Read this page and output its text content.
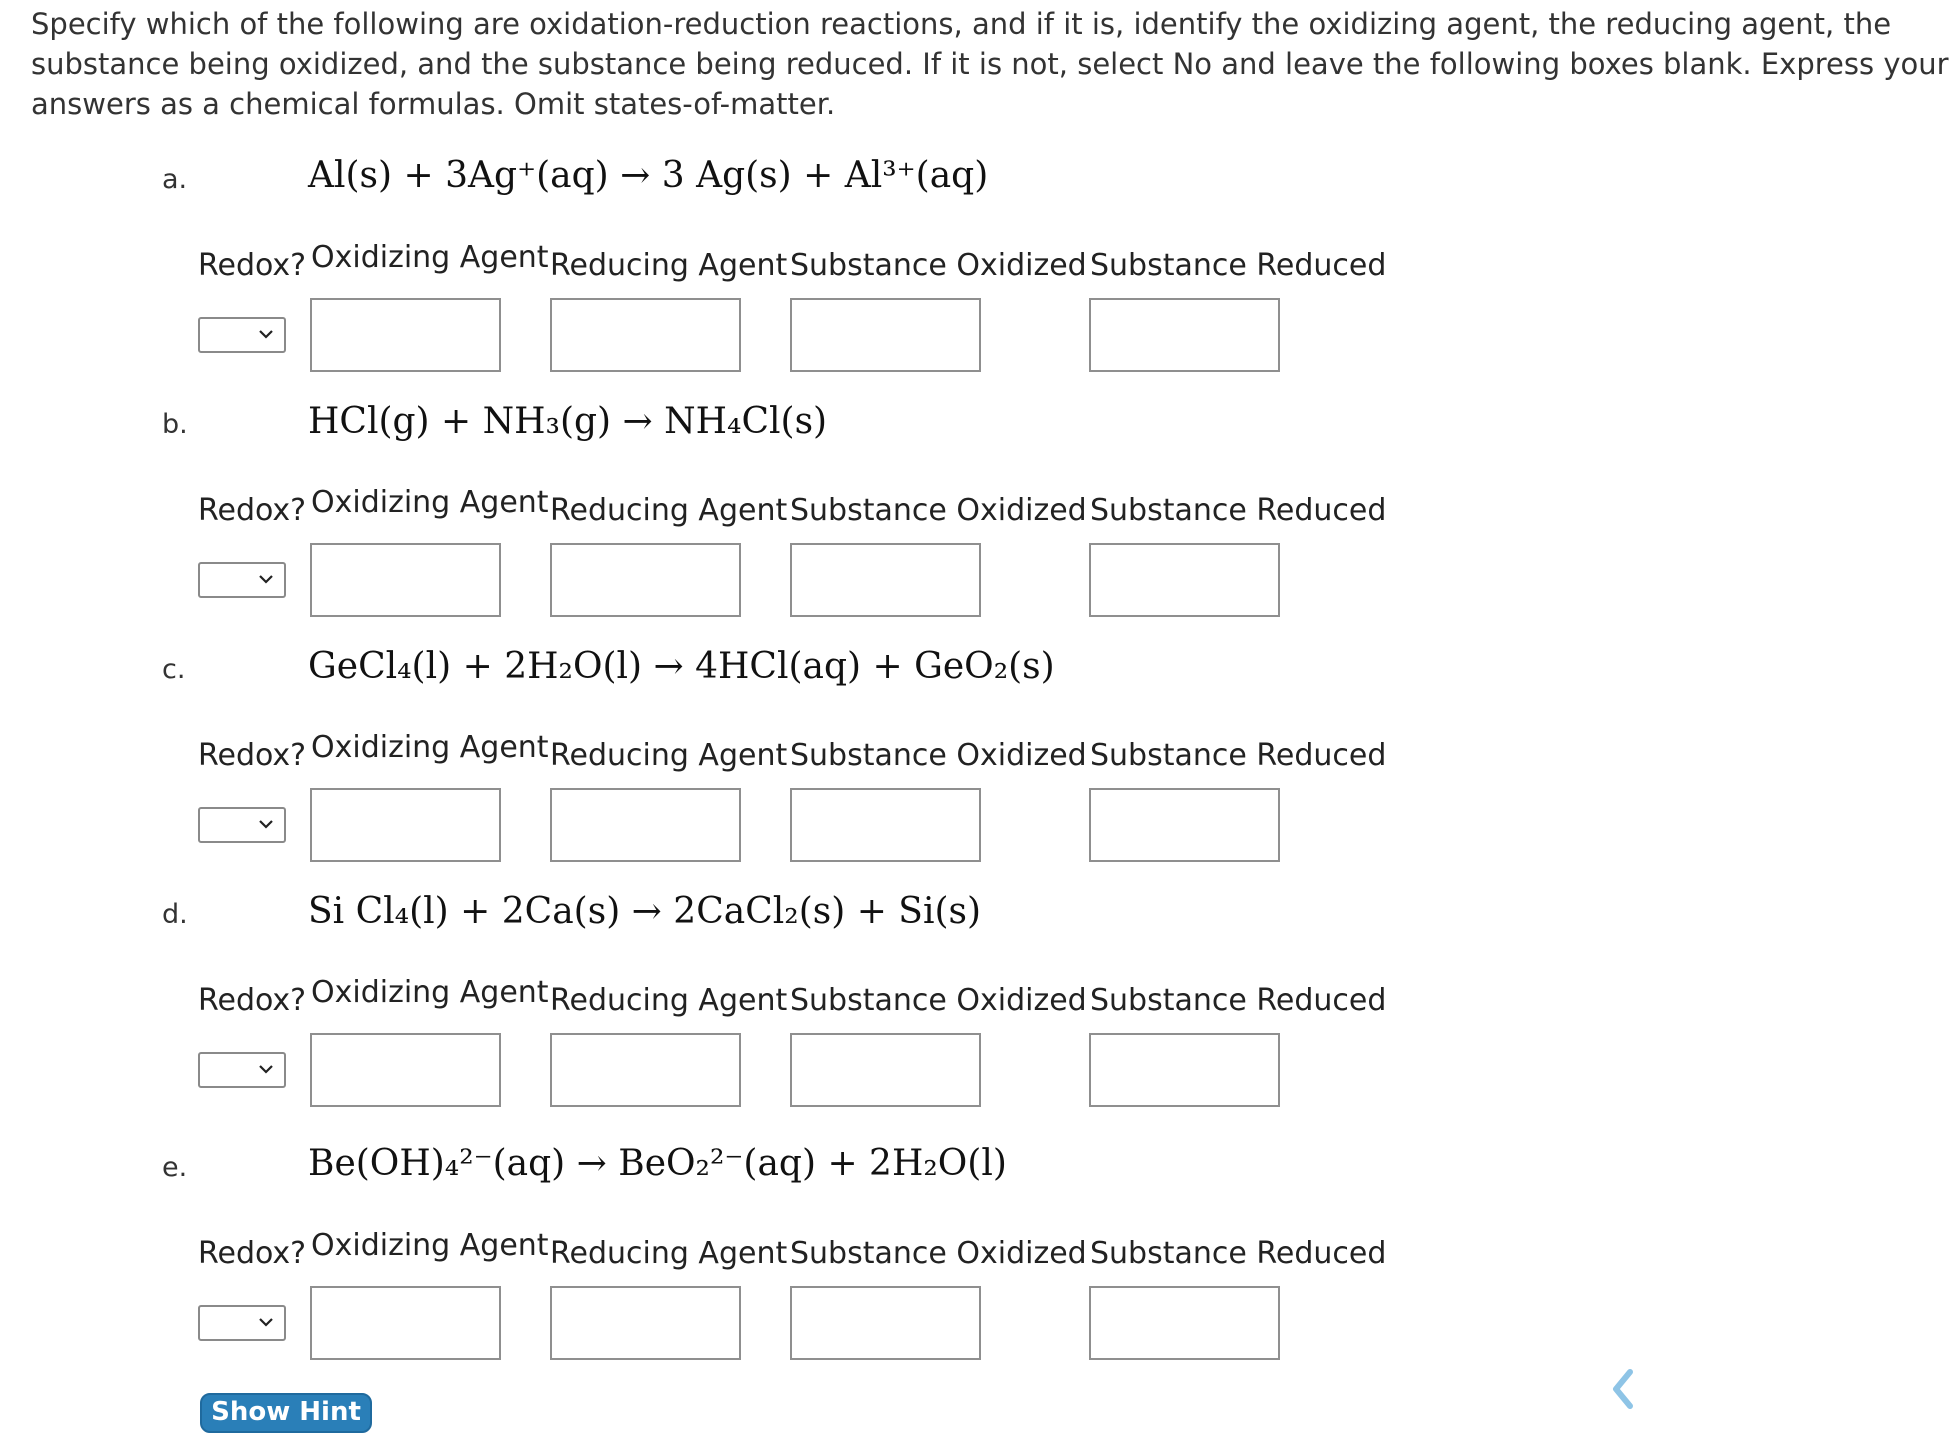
Specify which of the following are oxidation-reduction reactions, and if it is, identify the oxidizing agent, the reducing agent, the
substance being oxidized, and the substance being reduced. If it is not, select No and leave the following boxes blank. Express your
answers as a chemical formulas. Omit states-of-matter.
a.	Al(s) + 3Ag⁺(aq) → 3 Ag(s) + Al³⁺(aq)
Redox? Oxidizing Agent Reducing Agent Substance Oxidized Substance Reduced
b.	HCl(g) + NH₃(g) → NH₄Cl(s)
Redox? Oxidizing Agent Reducing Agent Substance Oxidized Substance Reduced
c.	GeCl₄(l) + 2H₂O(l) → 4HCl(aq) + GeO₂(s)
Redox? Oxidizing Agent Reducing Agent Substance Oxidized Substance Reduced
d.	Si Cl₄(l) + 2Ca(s) → 2CaCl₂(s) + Si(s)
Redox? Oxidizing Agent Reducing Agent Substance Oxidized Substance Reduced
e.	Be(OH)₄²⁻(aq) → BeO₂²⁻(aq) + 2H₂O(l)
Redox? Oxidizing Agent Reducing Agent Substance Oxidized Substance Reduced
Show Hint
